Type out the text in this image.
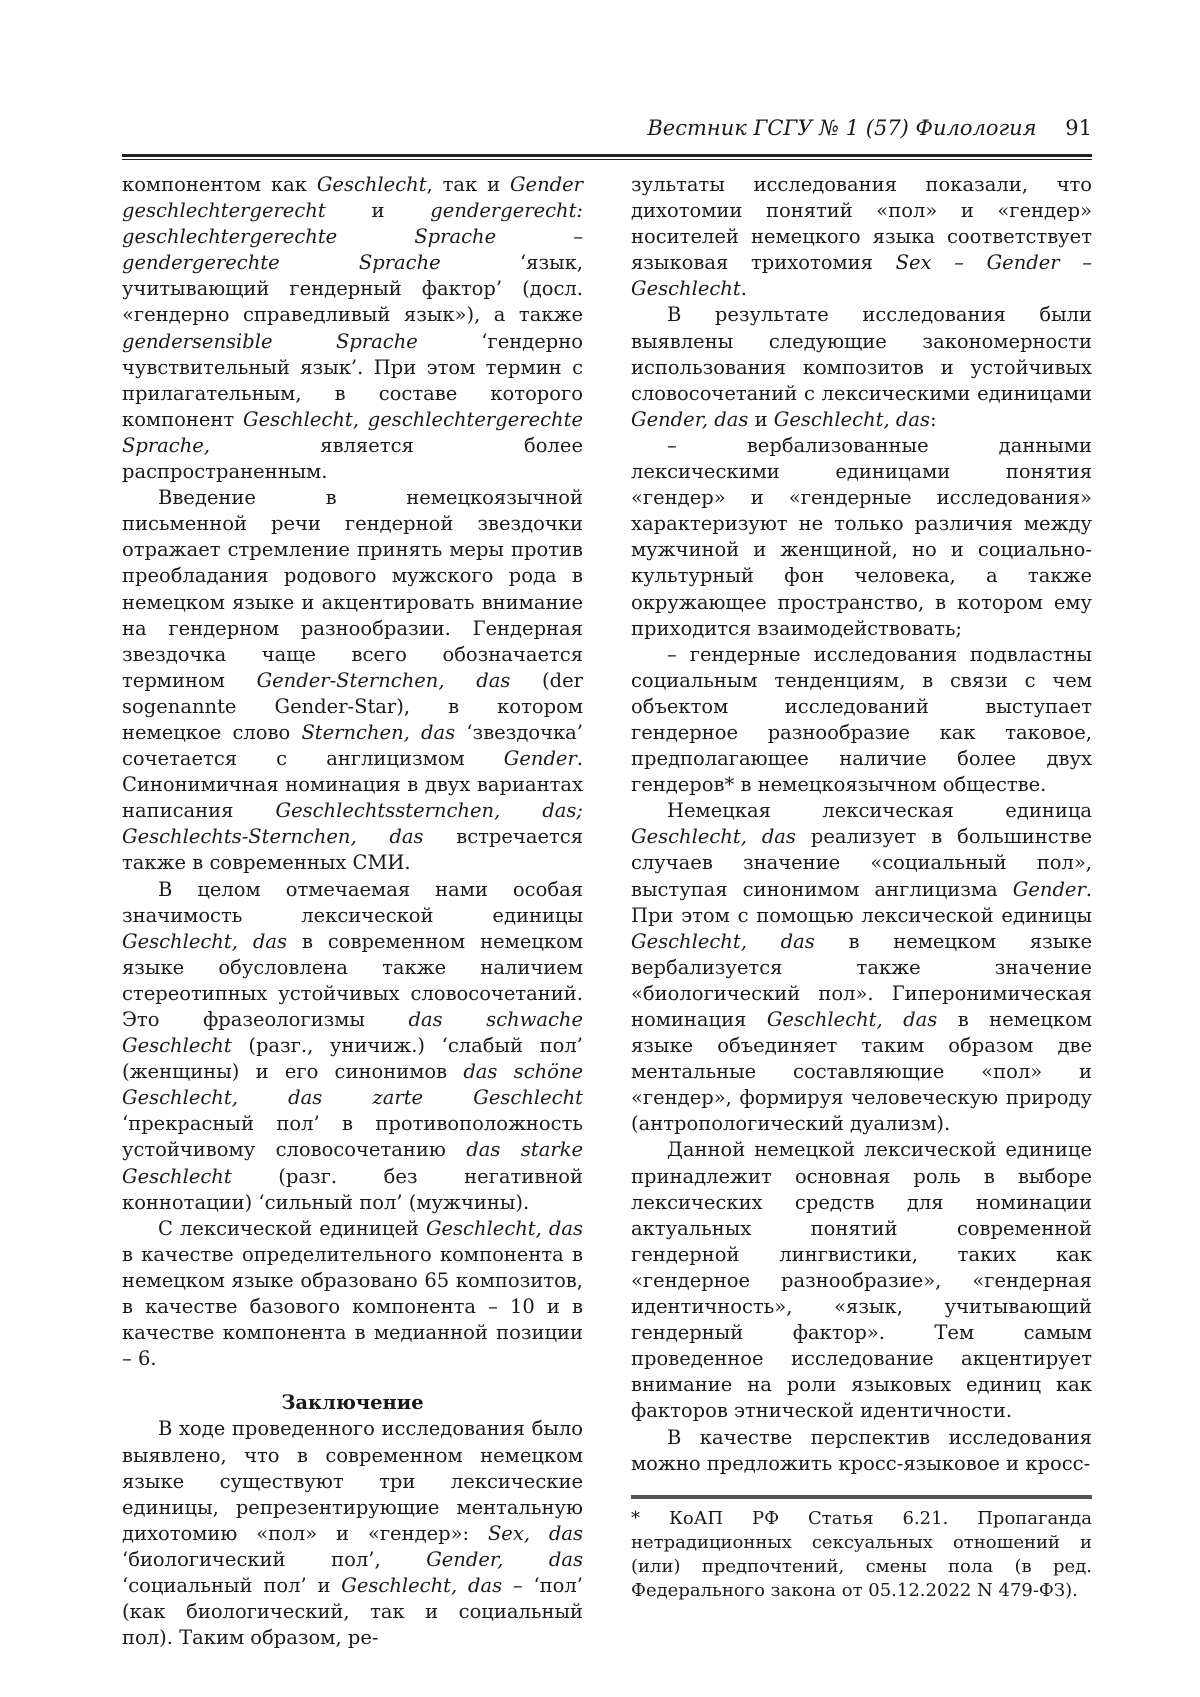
Вестник ГСГУ № 1 (57) Филология 91

компонентом как Geschlecht, так и Gender geschlechtergerecht и gendergerecht: geschlechtergerechte Sprache – gendergerechte Sprache ‘язык, учитывающий гендерный фактор’ (досл. «гендерно справедливый язык»), а также gendersensible Sprache ‘гендерно чувствительный язык’. При этом термин с прилагательным, в составе которого компонент Geschlecht, geschlechtergerechte Sprache, является более распространенным.

Введение в немецкоязычной письменной речи гендерной звездочки отражает стремление принять меры против преобладания родового мужского рода в немецком языке и акцентировать внимание на гендерном разнообразии. Гендерная звездочка чаще всего обозначается термином Gender-Sternchen, das (der sogenannte Gender-Star), в котором немецкое слово Sternchen, das ‘звездочка’ сочетается с англицизмом Gender. Синонимичная номинация в двух вариантах написания Geschlechtssternchen, das; Geschlechts-Sternchen, das встречается также в современных СМИ.

В целом отмечаемая нами особая значимость лексической единицы Geschlecht, das в современном немецком языке обусловлена также наличием стереотипных устойчивых словосочетаний. Это фразеологизмы das schwache Geschlecht (разг., уничиж.) ‘слабый пол’ (женщины) и его синонимов das schöne Geschlecht, das zarte Geschlecht ‘прекрасный пол’ в противоположность устойчивому словосочетанию das starke Geschlecht (разг. без негативной коннотации) ‘сильный пол’ (мужчины).

С лексической единицей Geschlecht, das в качестве определительного компонента в немецком языке образовано 65 композитов, в качестве базового компонента – 10 и в качестве компонента в медианной позиции – 6.

Заключение

В ходе проведенного исследования было выявлено, что в современном немецком языке существуют три лексические единицы, репрезентирующие ментальную дихотомию «пол» и «гендер»: Sex, das ‘биологический пол’, Gender, das ‘социальный пол’ и Geschlecht, das – ‘пол’ (как биологический, так и социальный пол). Таким образом, ре-

зультаты исследования показали, что дихотомии понятий «пол» и «гендер» носителей немецкого языка соответствует языковая трихотомия Sex – Gender – Geschlecht.

В результате исследования были выявлены следующие закономерности использования композитов и устойчивых словосочетаний с лексическими единицами Gender, das и Geschlecht, das:

– вербализованные данными лексическими единицами понятия «гендер» и «гендерные исследования» характеризуют не только различия между мужчиной и женщиной, но и социально-культурный фон человека, а также окружающее пространство, в котором ему приходится взаимодействовать;

– гендерные исследования подвластны социальным тенденциям, в связи с чем объектом исследований выступает гендерное разнообразие как таковое, предполагающее наличие более двух гендеров* в немецкоязычном обществе.

Немецкая лексическая единица Geschlecht, das реализует в большинстве случаев значение «социальный пол», выступая синонимом англицизма Gender. При этом с помощью лексической единицы Geschlecht, das в немецком языке вербализуется также значение «биологический пол». Гиперонимическая номинация Geschlecht, das в немецком языке объединяет таким образом две ментальные составляющие «пол» и «гендер», формируя человеческую природу (антропологический дуализм).

Данной немецкой лексической единице принадлежит основная роль в выборе лексических средств для номинации актуальных понятий современной гендерной лингвистики, таких как «гендерное разнообразие», «гендерная идентичность», «язык, учитывающий гендерный фактор». Тем самым проведенное исследование акцентирует внимание на роли языковых единиц как факторов этнической идентичности.

В качестве перспектив исследования можно предложить кросс-языковое и кросс-

* КоАП РФ Статья 6.21. Пропаганда нетрадиционных сексуальных отношений и (или) предпочтений, смены пола (в ред. Федерального закона от 05.12.2022 N 479-ФЗ).
